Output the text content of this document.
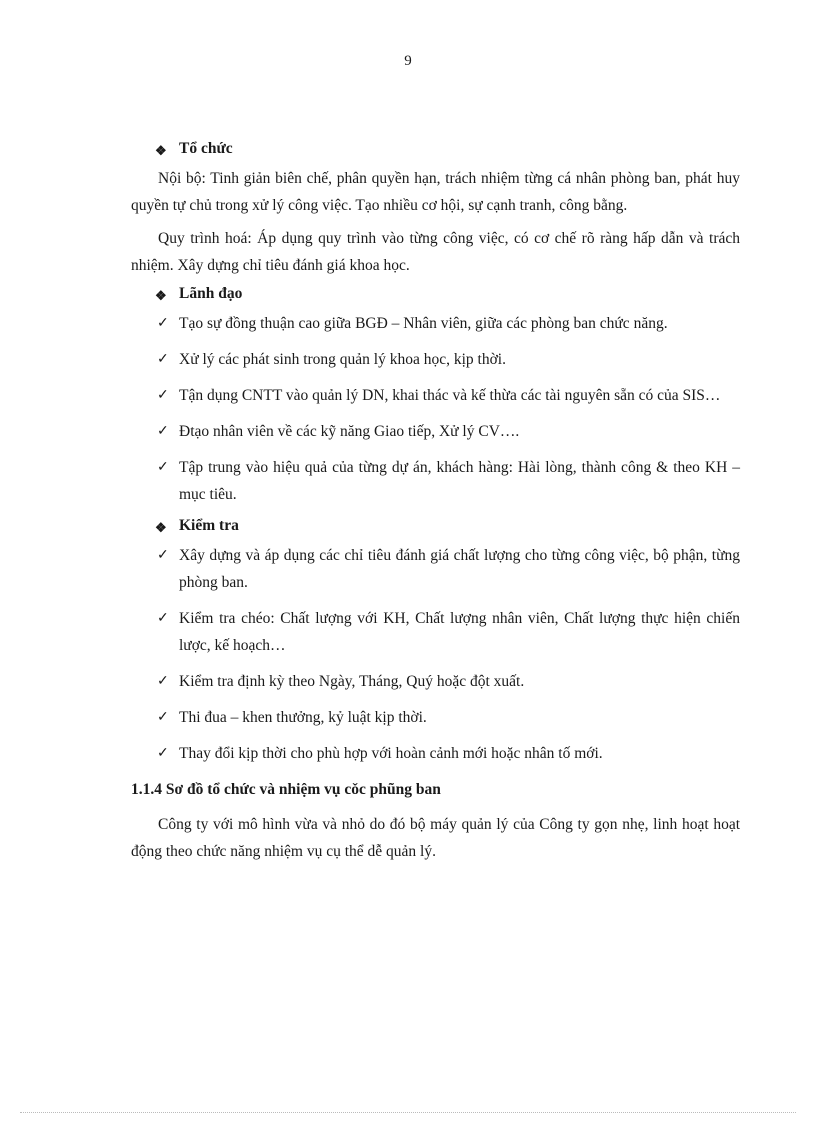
9
❖ Tổ chức

Nội bộ: Tinh giản biên chế, phân quyền hạn, trách nhiệm từng cá nhân phòng ban, phát huy quyền tự chủ trong xử lý công việc. Tạo nhiều cơ hội, sự cạnh tranh, công bằng.

Quy trình hoá: Áp dụng quy trình vào từng công việc, có cơ chế rõ ràng hấp dẫn và trách nhiệm. Xây dựng chỉ tiêu đánh giá khoa học.

❖ Lãnh đạo
✓ Tạo sự đồng thuận cao giữa BGĐ – Nhân viên, giữa các phòng ban chức năng.
✓ Xử lý các phát sinh trong quản lý khoa học, kịp thời.
✓ Tận dụng CNTT vào quản lý DN, khai thác và kế thừa các tài nguyên sẵn có của SIS…
✓ Đtạo nhân viên về các kỹ năng Giao tiếp, Xử lý CV….
✓ Tập trung vào hiệu quả của từng dự án, khách hàng: Hài lòng, thành công & theo KH – mục tiêu.
❖ Kiểm tra
✓ Xây dựng và áp dụng các chỉ tiêu đánh giá chất lượng cho từng công việc, bộ phận, từng phòng ban.
✓ Kiểm tra chéo: Chất lượng với KH, Chất lượng nhân viên, Chất lượng thực hiện chiến lược, kế hoạch…
✓ Kiểm tra định kỳ theo Ngày, Tháng, Quý hoặc đột xuất.
✓ Thi đua – khen thưởng, kỷ luật kịp thời.
✓ Thay đổi kịp thời cho phù hợp với hoàn cảnh mới hoặc nhân tố mới.
1.1.4 Sơ đồ tổ chức và nhiệm vụ cǒc phũng ban

Công ty với mô hình vừa và nhỏ do đó bộ máy quản lý của Công ty gọn nhẹ, linh hoạt hoạt động theo chức năng nhiệm vụ cụ thể dễ quản lý.
